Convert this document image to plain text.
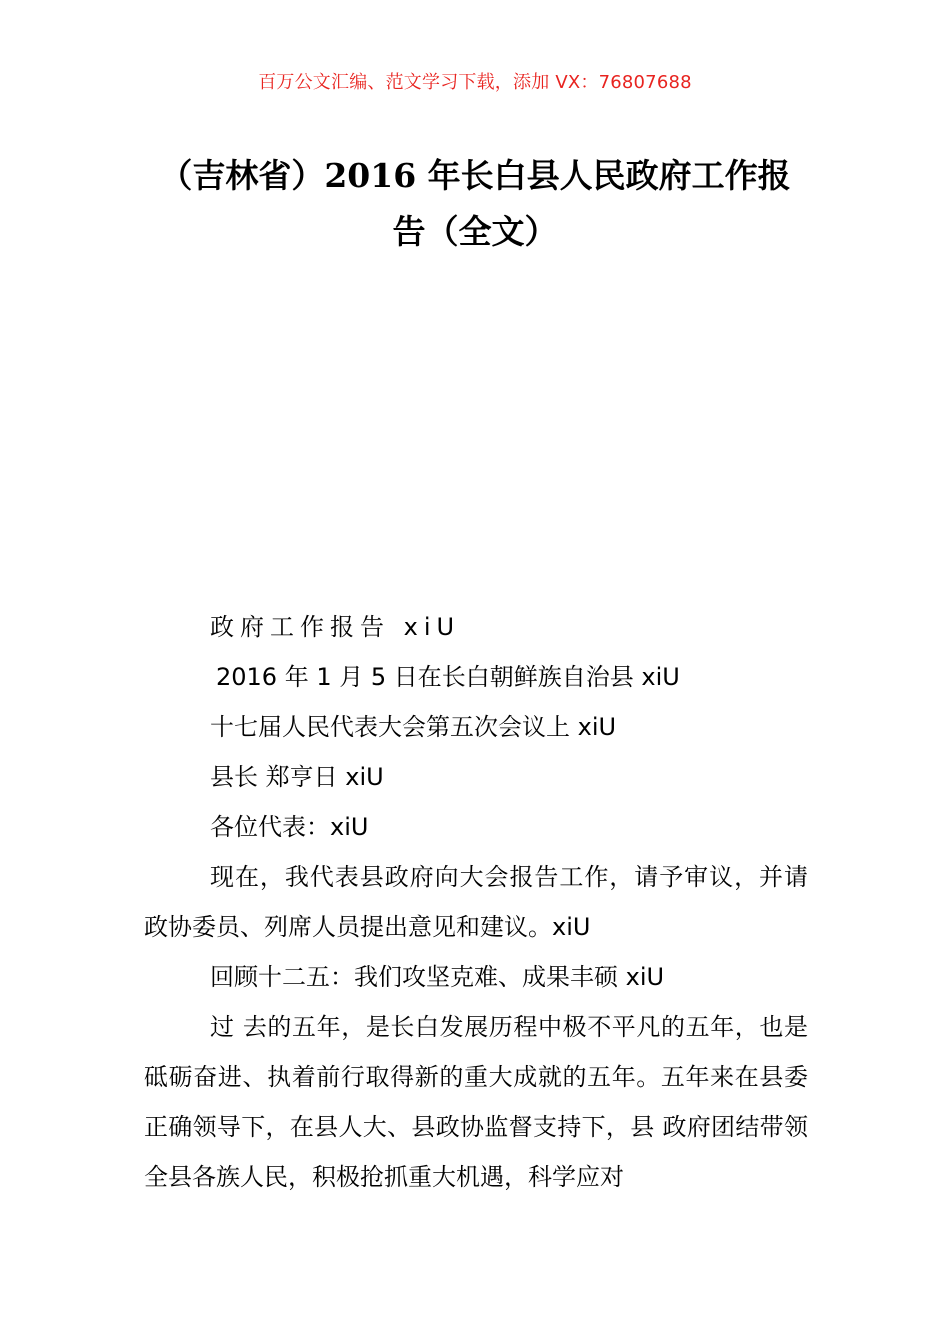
百万公文汇编、范文学习下载，添加 VX：76807688
（吉林省）2016 年长白县人民政府工作报
告（全文）
政府工作报告 xiU
2016 年 1 月 5 日在长白朝鲜族自治县 xiU
十七届人民代表大会第五次会议上 xiU
县长 郑亨日 xiU
各位代表：xiU
现在，我代表县政府向大会报告工作，请予审议，并请政协委员、列席人员提出意见和建议。xiU
回顾十二五：我们攻坚克难、成果丰硕 xiU
过 去的五年，是长白发展历程中极不平凡的五年，也是砥砺奋进、执着前行取得新的重大成就的五年。五年来在县委正确领导下，在县人大、县政协监督支持下，县 政府团结带领全县各族人民，积极抢抓重大机遇，科学应对
